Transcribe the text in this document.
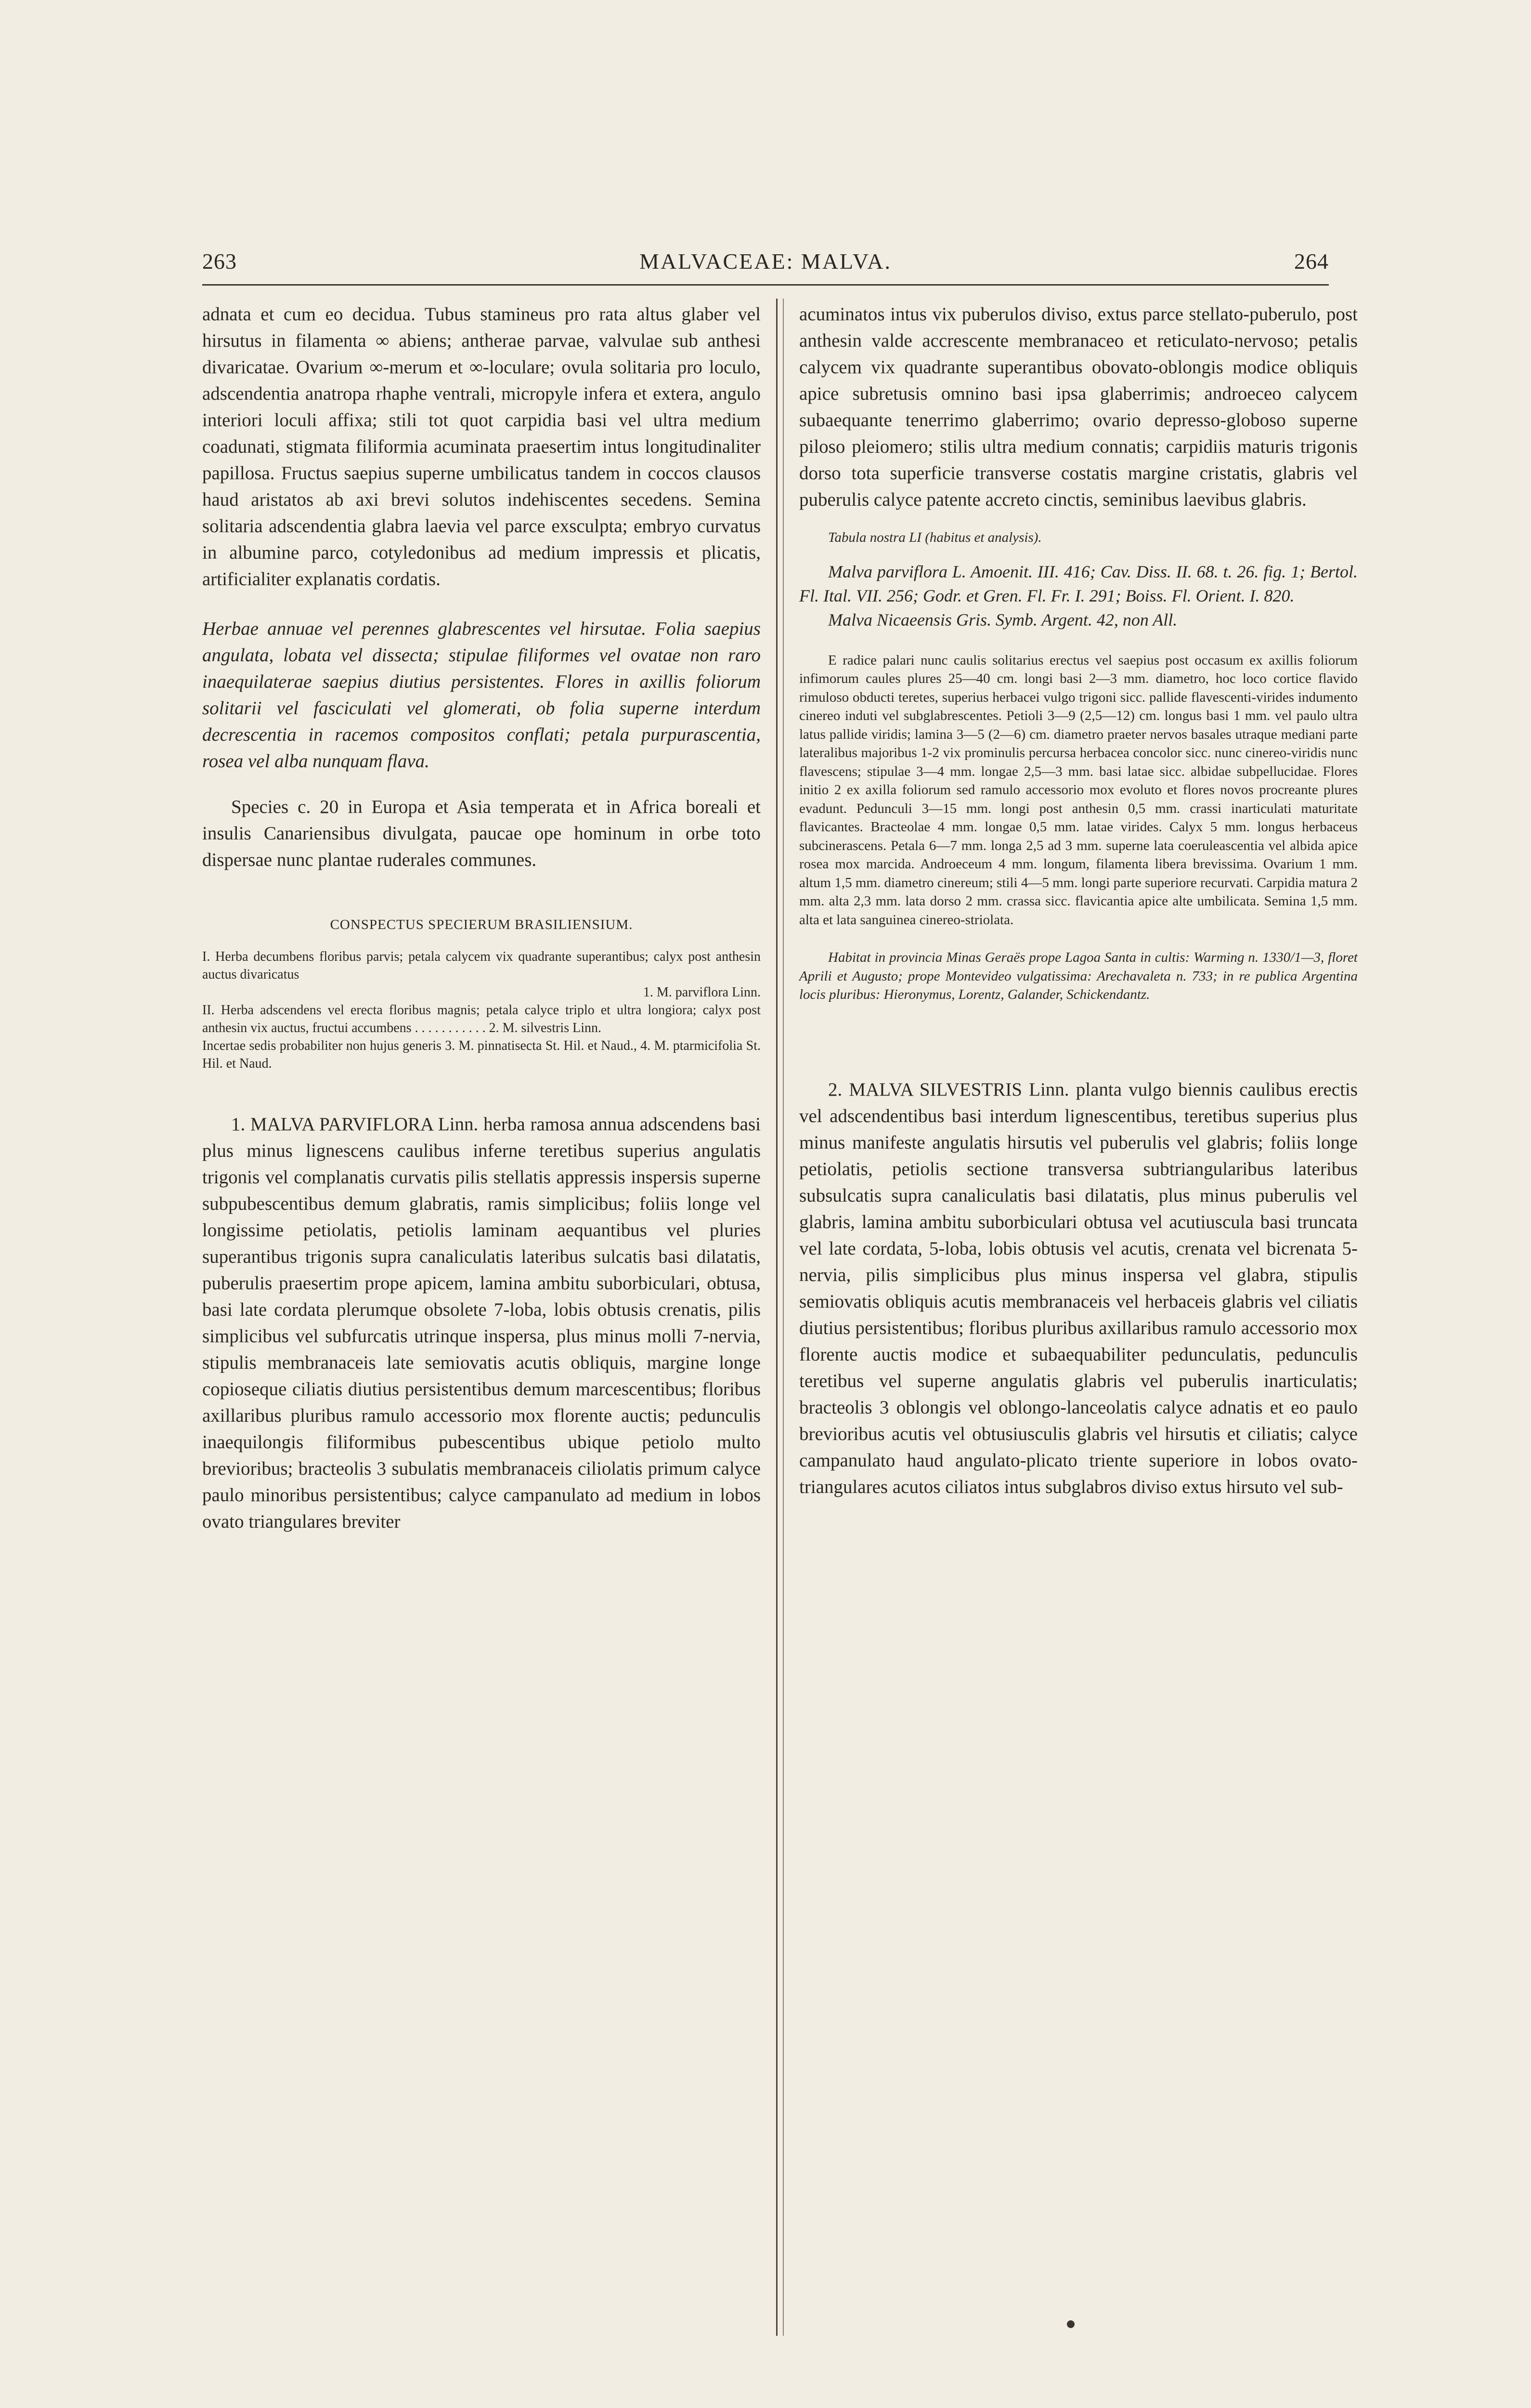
263	MALVACEAE: MALVA.	264

adnata et cum eo decidua. Tubus staminеus pro rata altus glaber vel hirsutus in filamenta ∞ abiens; antherae parvae, valvulae sub anthesi divaricatae. Ovarium ∞-merum et ∞-loculare; ovula solitaria pro loculo, adscendentia anatropa rhaphe ventrali, micropyle infera et extera, angulo interiori loculi affixa; stili tot quot carpidia basi vel ultra medium coadunati, stigmata filiformia acuminata praesertim intus longitudinaliter papillosa. Fructus saepius superne umbilicatus tandem in coccos clausos haud aristatos ab axi brevi solutos indehiscentes secedens. Semina solitaria adscendentia glabra laevia vel parce exsculpta; embryo curvatus in albumine parco, cotyledonibus ad medium impressis et plicatis, artificialiter explanatis cordatis.

Herbae annuae vel perennes glabrescentes vel hirsutae. Folia saepius angulata, lobata vel dissecta; stipulae filiformes vel ovatae non raro inaequilaterae saepius diutius persistentes. Flores in axillis foliorum solitarii vel fasciculati vel glomerati, ob folia superne interdum decrescentia in racemos compositos conflati; petala purpurascentia, rosea vel alba nunquam flava.

Species c. 20 in Europa et Asia temperata et in Africa boreali et insulis Canariensibus divulgata, paucae ope hominum in orbe toto dispersae nunc plantae ruderales communes.

CONSPECTUS SPECIERUM BRASILIENSIUM.

I. Herba decumbens floribus parvis; petala calycem vix quadrante superantibus; calyx post anthesin auctus divaricatus

1. M. parviflora Linn.

II. Herba adscendens vel erecta floribus magnis; petala calyce triplo et ultra longiora; calyx post anthesin vix auctus, fructui accumbens . . . . . . . . . . . 2. M. silvestris Linn.

Incertae sedis probabiliter non hujus generis 3. M. pinnatisecta St. Hil. et Naud., 4. M. ptarmicifolia St. Hil. et Naud.

1. MALVA PARVIFLORA Linn. herba ramosa annua adscendens basi plus minus lignescens caulibus inferne teretibus superius angulatis trigonis vel complanatis curvatis pilis stellatis appressis inspersis superne subpubescentibus demum glabratis, ramis simplicibus; foliis longe vel longissime petiolatis, petiolis laminam aequantibus vel pluries superantibus trigonis supra canaliculatis lateribus sulcatis basi dilatatis, puberulis praesertim prope apicem, lamina ambitu suborbiculari, obtusa, basi late cordata plerumque obsolete 7-loba, lobis obtusis crenatis, pilis simplicibus vel subfurcatis utrinque inspersa, plus minus molli 7-nervia, stipulis membranaceis late semiovatis acutis obliquis, margine longe copioseque ciliatis diutius persistentibus demum marcescentibus; floribus axillaribus pluribus ramulo accessorio mox florente auctis; pedunculis inaequilongis filiformibus pubescentibus ubique petiolo multo brevioribus; bracteolis 3 subulatis membranaceis ciliolatis primum calyce paulo minoribus persistentibus; calyce campanulato ad medium in lobos ovato triangulares breviter

acuminatos intus vix puberulos diviso, extus parce stellato-puberulo, post anthesin valde accrescente membranaceo et reticulato-nervoso; petalis calycem vix quadrante superantibus obovato-oblongis modice obliquis apice subretusis omnino basi ipsa glaberrimis; androeceo calycem subaequante tenerrimo glaberrimo; ovario depresso-globoso superne piloso pleiomero; stilis ultra medium connatis; carpidiis maturis trigonis dorso tota superficie transverse costatis margine cristatis, glabris vel puberulis calyce patente accreto cinctis, seminibus laevibus glabris.

Tabula nostra LI (habitus et analysis).

Malva parviflora L. Amoenit. III. 416; Cav. Diss. II. 68. t. 26. fig. 1; Bertol. Fl. Ital. VII. 256; Godr. et Gren. Fl. Fr. I. 291; Boiss. Fl. Orient. I. 820.

Malva Nicaeensis Gris. Symb. Argent. 42, non All.

E radice palari nunc caulis solitarius erectus vel saepius post occasum ex axillis foliorum infimorum caules plures 25—40 cm. longi basi 2—3 mm. diametro, hoc loco cortice flavido rimuloso obducti teretes, superius herbacei vulgo trigoni sicc. pallide flavescenti-virides indumento cinereo induti vel subglabrescentes. Petioli 3—9 (2,5—12) cm. longus basi 1 mm. vel paulo ultra latus pallide viridis; lamina 3—5 (2—6) cm. diametro praeter nervos basales utraque mediani parte lateralibus majoribus 1-2 vix prominulis percursa herbacea concolor sicc. nunc cinereo-viridis nunc flavescens; stipulae 3—4 mm. longae 2,5—3 mm. basi latae sicc. albidae subpellucidae. Flores initio 2 ex axilla foliorum sed ramulo accessorio mox evoluto et flores novos procreante plures evadunt. Pedunculi 3—15 mm. longi post anthesin 0,5 mm. crassi inarticulati maturitate flavicantes. Bracteolae 4 mm. longae 0,5 mm. latae virides. Calyx 5 mm. longus herbaceus subcinerascens. Petala 6—7 mm. longa 2,5 ad 3 mm. superne lata coeruleascentia vel albida apice rosea mox marcida. Androeceum 4 mm. longum, filamenta libera brevissima. Ovarium 1 mm. altum 1,5 mm. diametro cinereum; stili 4—5 mm. longi parte superiore recurvati. Carpidia matura 2 mm. alta 2,3 mm. lata dorso 2 mm. crassa sicc. flavicantia apice alte umbilicata. Semina 1,5 mm. alta et lata sanguinea cinereo-striolata.

Habitat in provincia Minas Geraës prope Lagoa Santa in cultis: Warming n. 1330/1—3, floret Aprili et Augusto; prope Montevideo vulgatissima: Arechavaleta n. 733; in re publica Argentina locis pluribus: Hieronymus, Lorentz, Galander, Schickendantz.

2. MALVA SILVESTRIS Linn. planta vulgo biennis caulibus erectis vel adscendentibus basi interdum lignescentibus, teretibus superius plus minus manifeste angulatis hirsutis vel puberulis vel glabris; foliis longe petiolatis, petiolis sectione transversa subtriangularibus lateribus subsulcatis supra canaliculatis basi dilatatis, plus minus puberulis vel glabris, lamina ambitu suborbiculari obtusa vel acutiuscula basi truncata vel late cordata, 5-loba, lobis obtusis vel acutis, crenata vel bicrenata 5-nervia, pilis simplicibus plus minus inspersa vel glabra, stipulis semiovatis obliquis acutis membranaceis vel herbaceis glabris vel ciliatis diutius persistentibus; floribus pluribus axillaribus ramulo accessorio mox florente auctis modice et subaequabiliter pedunculatis, pedunculis teretibus vel superne angulatis glabris vel puberulis inarticulatis; bracteolis 3 oblongis vel oblongo-lanceolatis calyce adnatis et eo paulo brevioribus acutis vel obtusiusculis glabris vel hirsutis et ciliatis; calyce campanulato haud angulato-plicato triente superiore in lobos ovato-triangulares acutos ciliatos intus subglabros diviso extus hirsuto vel sub-
